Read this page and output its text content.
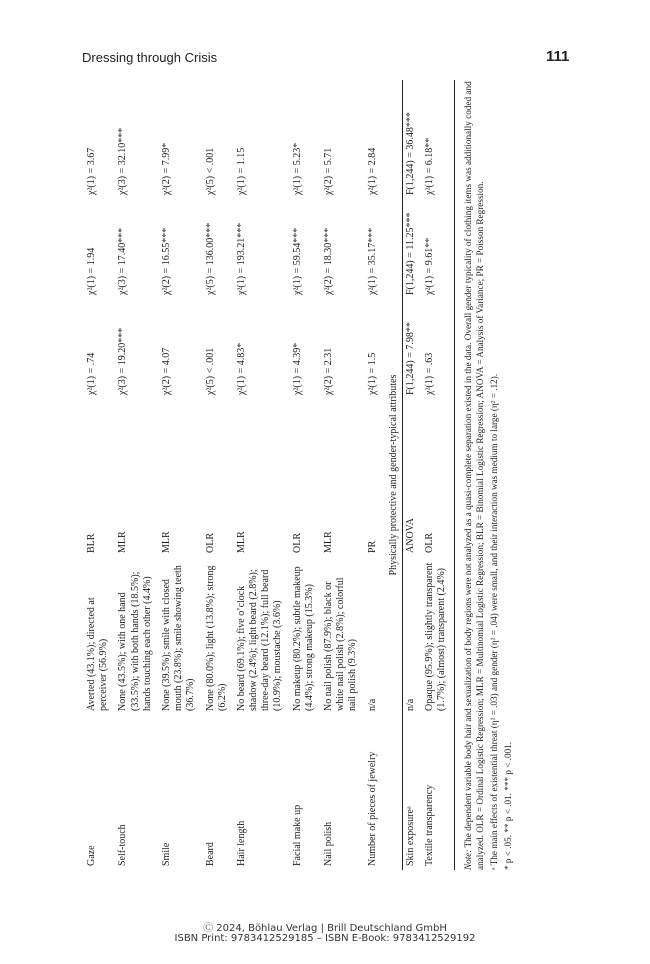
Dressing through Crisis	111
Gaze	Averted (43.1%); directed at perceiver (56.9%)	BLR		χ²(1) = .74	χ²(1) = 1.94	χ²(1) = 3.67
Self-touch	None (43.5%); with one hand (33.5%); with both hands (18.5%); hands touching each other (4.4%)	MLR		χ²(3) = 19.20***	χ²(3) = 17.40***	χ²(3) = 32.10***
Smile	None (39.5%); smile with closed mouth (23.8%); smile showing teeth (36.7%)	MLR		χ²(2) = 4.07	χ²(2) = 16.55***	χ²(2) = 7.99*
Beard	None (80.0%); light (13.8%); strong (6.2%)	OLR		χ²(5) < .001	χ²(5) = 136.00***	χ²(5) < .001
Hair length	No beard (69.1%); five o’clock shadow (2.4%); light beard (2.8%); three-day beard (12.1%); full beard (10.9%); moustache (3.6%)	MLR		χ²(1) = 4.83*	χ²(1) = 193.21***	χ²(1) = 1.15
Facial make up	No makeup (80.2%); subtle makeup (4.4%); strong makeup (15.3%)	OLR		χ²(1) = 4.39*	χ²(1) = 59.54***	χ²(1) = 5.23*
Nail polish	No nail polish (87.9%); black or white nail polish (2.8%); colorful nail polish (9.3%)	MLR		χ²(2) = 2.31	χ²(2) = 18.30***	χ²(2) = 5.71
Number of pieces of jewelry	n/a	PR		χ²(1) = 1.5	χ²(1) = 35.17***	χ²(1) = 2.84
Physically protective and gender-typical attributes						
Skin exposureᵃ	n/a	ANOVA		F(1,244) = 7.98**	F(1,244) = 11.25***	F(1,244) = 36.48***
Textile transparency	Opaque (95.9%); slightly transparent (1.7%); (almost) transparent (2.4%)	OLR		χ²(1) = .63	χ²(1) = 9.61**	χ²(1) = 6.18**

Note: The dependent variable body hair and sexualization of body regions were not analyzed as a quasi-complete separation existed in the data. Overall gender typicality of clothing items was additionally coded and analyzed. OLR = Ordinal Logistic Regression; MLR = Multinomial Logistic Regression; BLR = Binomial Logistic Regression; ANOVA = Analysis of Variance; PR = Poisson Regression. ᵃ The main effects of existential threat (η² = .03) and gender (η² = .04) were small, and their interaction was medium to large (η² = .12). * p < .05. ** p < .01. *** p < .001.

Ⓒ 2024, Böhlau Verlag | Brill Deutschland GmbH
ISBN Print: 9783412529185 – ISBN E-Book: 9783412529192
